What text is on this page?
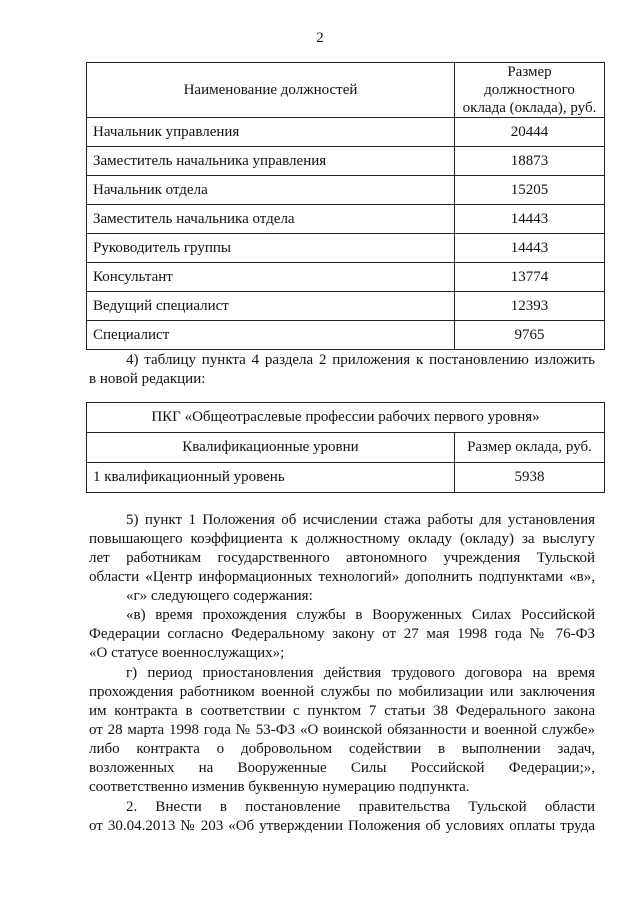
2
Наименование должностей	Размер должностного
оклада (оклада), руб.
Начальник управления	20444
Заместитель начальника управления	18873
Начальник отдела	15205
Заместитель начальника отдела	14443
Руководитель группы	14443
Консультант	13774
Ведущий специалист	12393
Специалист	9765
4) таблицу пункта 4 раздела 2 приложения к постановлению изложить
в новой редакции:
ПКГ «Общеотраслевые профессии рабочих первого уровня»	
Квалификационные уровни	Размер оклада, руб.
1 квалификационный уровень	5938
5) пункт 1 Положения об исчислении стажа работы для установления
повышающего коэффициента к должностному окладу (окладу) за выслугу
лет работникам государственного автономного учреждения Тульской
области «Центр информационных технологий» дополнить подпунктами «в»,
«г» следующего содержания:
«в) время прохождения службы в Вооруженных Силах Российской
Федерации согласно Федеральному закону от 27 мая 1998 года № 76-ФЗ
«О статусе военнослужащих»;
г) период приостановления действия трудового договора на время
прохождения работником военной службы по мобилизации или заключения
им контракта в соответствии с пунктом 7 статьи 38 Федерального закона
от 28 марта 1998 года № 53-ФЗ «О воинской обязанности и военной службе»
либо контракта о добровольном содействии в выполнении задач,
возложенных на Вооруженные Силы Российской Федерации;»,
соответственно изменив буквенную нумерацию подпункта.
2. Внести в постановление правительства Тульской области
от 30.04.2013 № 203 «Об утверждении Положения об условиях оплаты труда
